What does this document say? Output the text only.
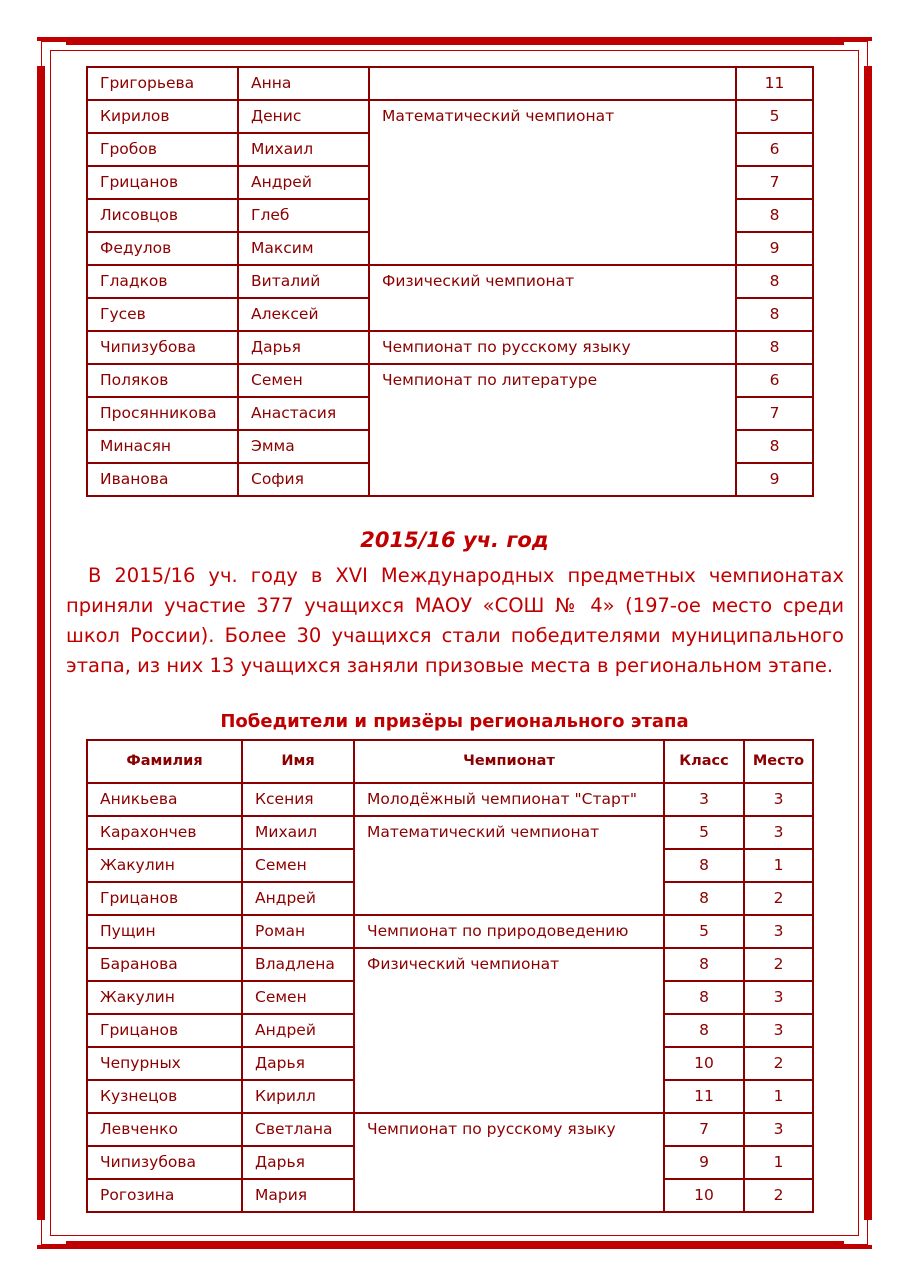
Григорьева	Анна		11
Кирилов	Денис	Математический чемпионат	5
Гробов	Михаил		6
Грицанов	Андрей		7
Лисовцов	Глеб		8
Федулов	Максим		9
Гладков	Виталий	Физический чемпионат	8
Гусев	Алексей		8
Чипизубова	Дарья	Чемпионат по русскому языку	8
Поляков	Семен	Чемпионат по литературе	6
Просянникова	Анастасия		7
Минасян	Эмма		8
Иванова	София		9
2015/16 уч. год

В 2015/16 уч. году в XVI Международных предметных чемпионатах приняли участие 377 учащихся МАОУ «СОШ № 4» (197-ое место среди школ России). Более 30 учащихся стали победителями муниципального этапа, из них 13 учащихся заняли призовые места в региональном этапе.

Победители и призёры регионального этапа
Фамилия	Имя	Чемпионат	Класс	Место
Аникьева	Ксения	Молодёжный чемпионат "Старт"	3	3
Карахончев	Михаил	Математический чемпионат	5	3
Жакулин	Семен		8	1
Грицанов	Андрей		8	2
Пущин	Роман	Чемпионат по природоведению	5	3
Баранова	Владлена	Физический чемпионат	8	2
Жакулин	Семен		8	3
Грицанов	Андрей		8	3
Чепурных	Дарья		10	2
Кузнецов	Кирилл		11	1
Левченко	Светлана	Чемпионат по русскому языку	7	3
Чипизубова	Дарья		9	1
Рогозина	Мария		10	2
